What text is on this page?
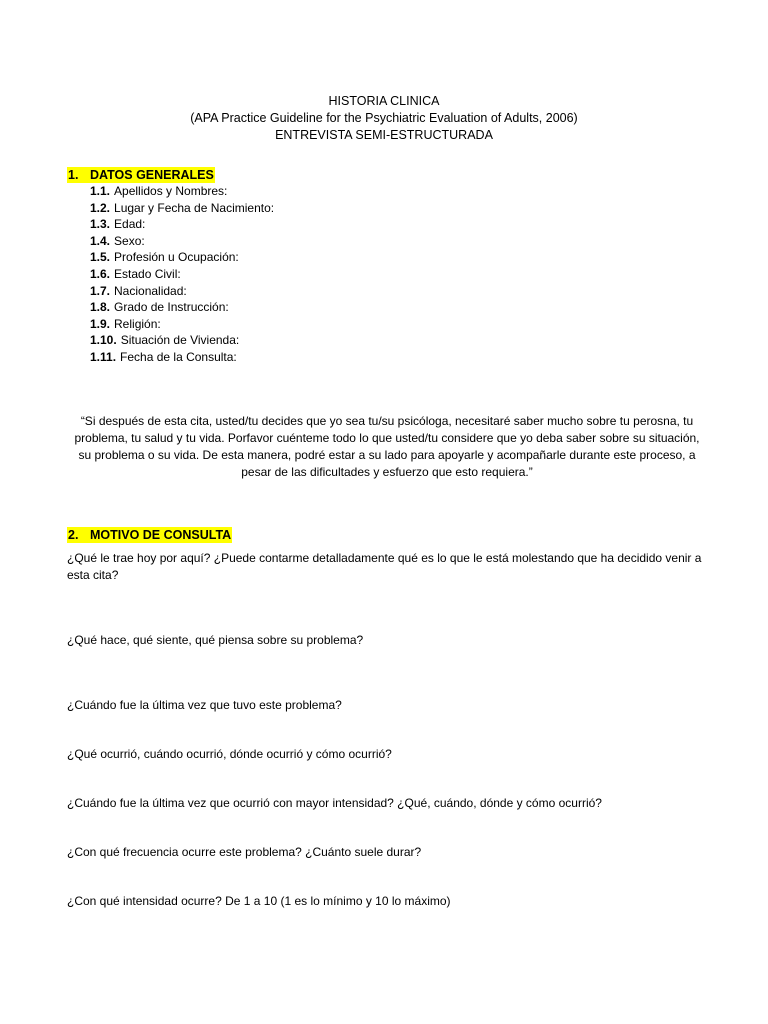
HISTORIA CLINICA
(APA Practice Guideline for the Psychiatric Evaluation of Adults, 2006)
ENTREVISTA SEMI-ESTRUCTURADA
1. DATOS GENERALES
1.1. Apellidos y Nombres:
1.2. Lugar y Fecha de Nacimiento:
1.3. Edad:
1.4. Sexo:
1.5. Profesión u Ocupación:
1.6. Estado Civil:
1.7. Nacionalidad:
1.8. Grado de Instrucción:
1.9. Religión:
1.10. Situación de Vivienda:
1.11. Fecha de la Consulta:
“Si después de esta cita, usted/tu decides que yo sea tu/su psicóloga, necesitaré saber mucho sobre tu perosna, tu problema, tu salud y tu vida. Porfavor cuénteme todo lo que usted/tu considere que yo deba saber sobre su situación, su problema o su vida. De esta manera, podré estar a su lado para apoyarle y acompañarle durante este proceso, a pesar de las dificultades y esfuerzo que esto requiera.”
2. MOTIVO DE CONSULTA
¿Qué le trae hoy por aquí? ¿Puede contarme detalladamente qué es lo que le está molestando que ha decidido venir a esta cita?
¿Qué hace, qué siente, qué piensa sobre su problema?
¿Cuándo fue la última vez que tuvo este problema?
¿Qué ocurrió, cuándo ocurrió, dónde ocurrió y cómo ocurrió?
¿Cuándo fue la última vez que ocurrió con mayor intensidad? ¿Qué, cuándo, dónde y cómo ocurrió?
¿Con qué frecuencia ocurre este problema? ¿Cuánto suele durar?
¿Con qué intensidad ocurre? De 1 a 10 (1 es lo mínimo y 10 lo máximo)
